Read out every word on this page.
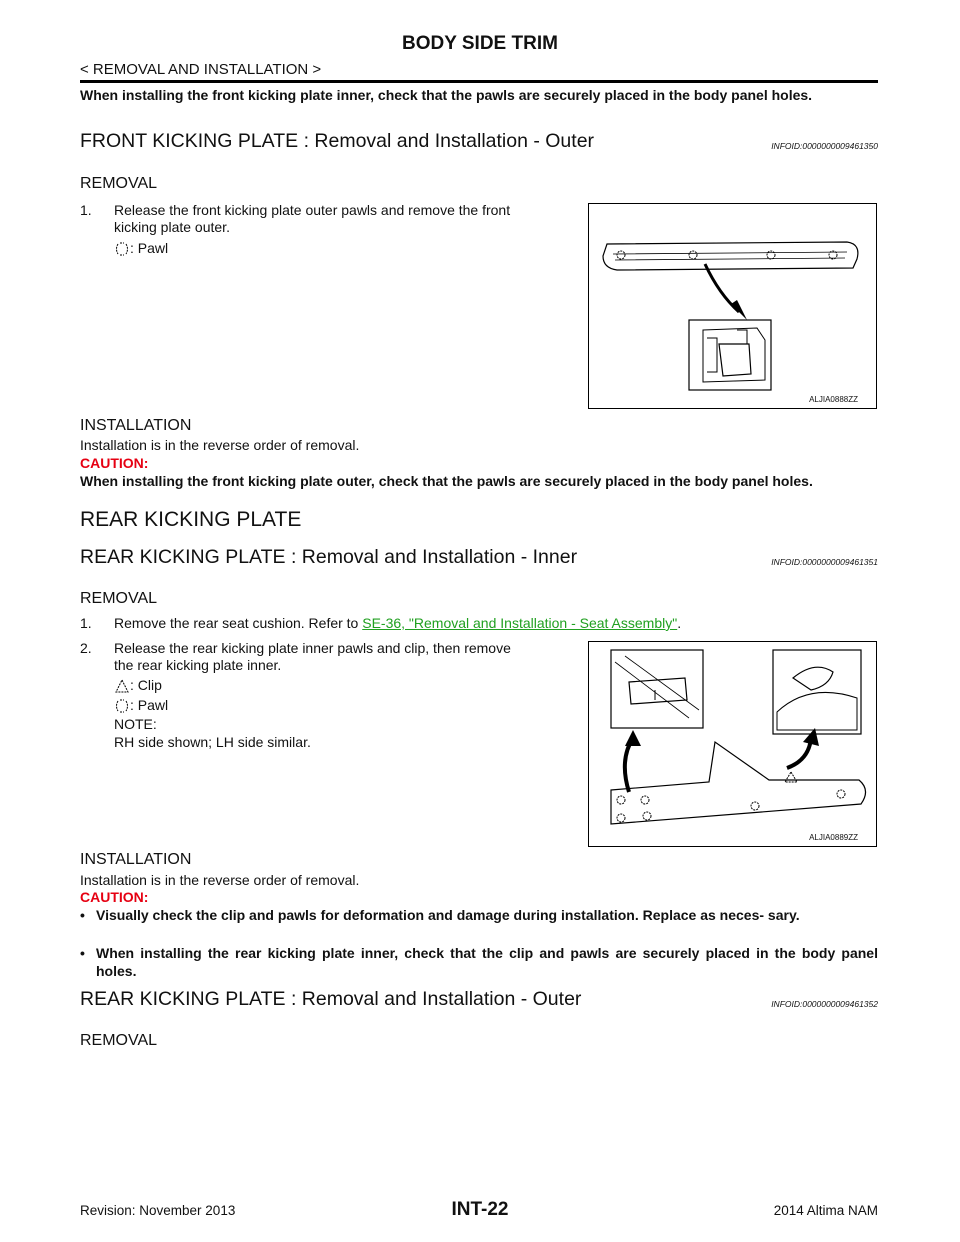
BODY SIDE TRIM
< REMOVAL AND INSTALLATION >
When installing the front kicking plate inner, check that the pawls are securely placed in the body panel holes.
FRONT KICKING PLATE : Removal and Installation - Outer	INFOID:0000000009461350
REMOVAL
1. Release the front kicking plate outer pawls and remove the front
kicking plate outer.
: Pawl
ALJIA0888ZZ
INSTALLATION
Installation is in the reverse order of removal.
CAUTION:
When installing the front kicking plate outer, check that the pawls are securely placed in the body panel holes.
REAR KICKING PLATE
REAR KICKING PLATE : Removal and Installation - Inner	INFOID:0000000009461351
REMOVAL
1. Remove the rear seat cushion. Refer to SE-36, "Removal and Installation - Seat Assembly".
2. Release the rear kicking plate inner pawls and clip, then remove
the rear kicking plate inner.
: Clip
: Pawl
NOTE:
RH side shown; LH side similar.
ALJIA0889ZZ
INSTALLATION
Installation is in the reverse order of removal.
CAUTION:
• Visually check the clip and pawls for deformation and damage during installation. Replace as neces- sary.
• When installing the rear kicking plate inner, check that the clip and pawls are securely placed in the body panel holes.
REAR KICKING PLATE : Removal and Installation - Outer	INFOID:0000000009461352
REMOVAL
Revision: November 2013	INT-22	2014 Altima NAM
